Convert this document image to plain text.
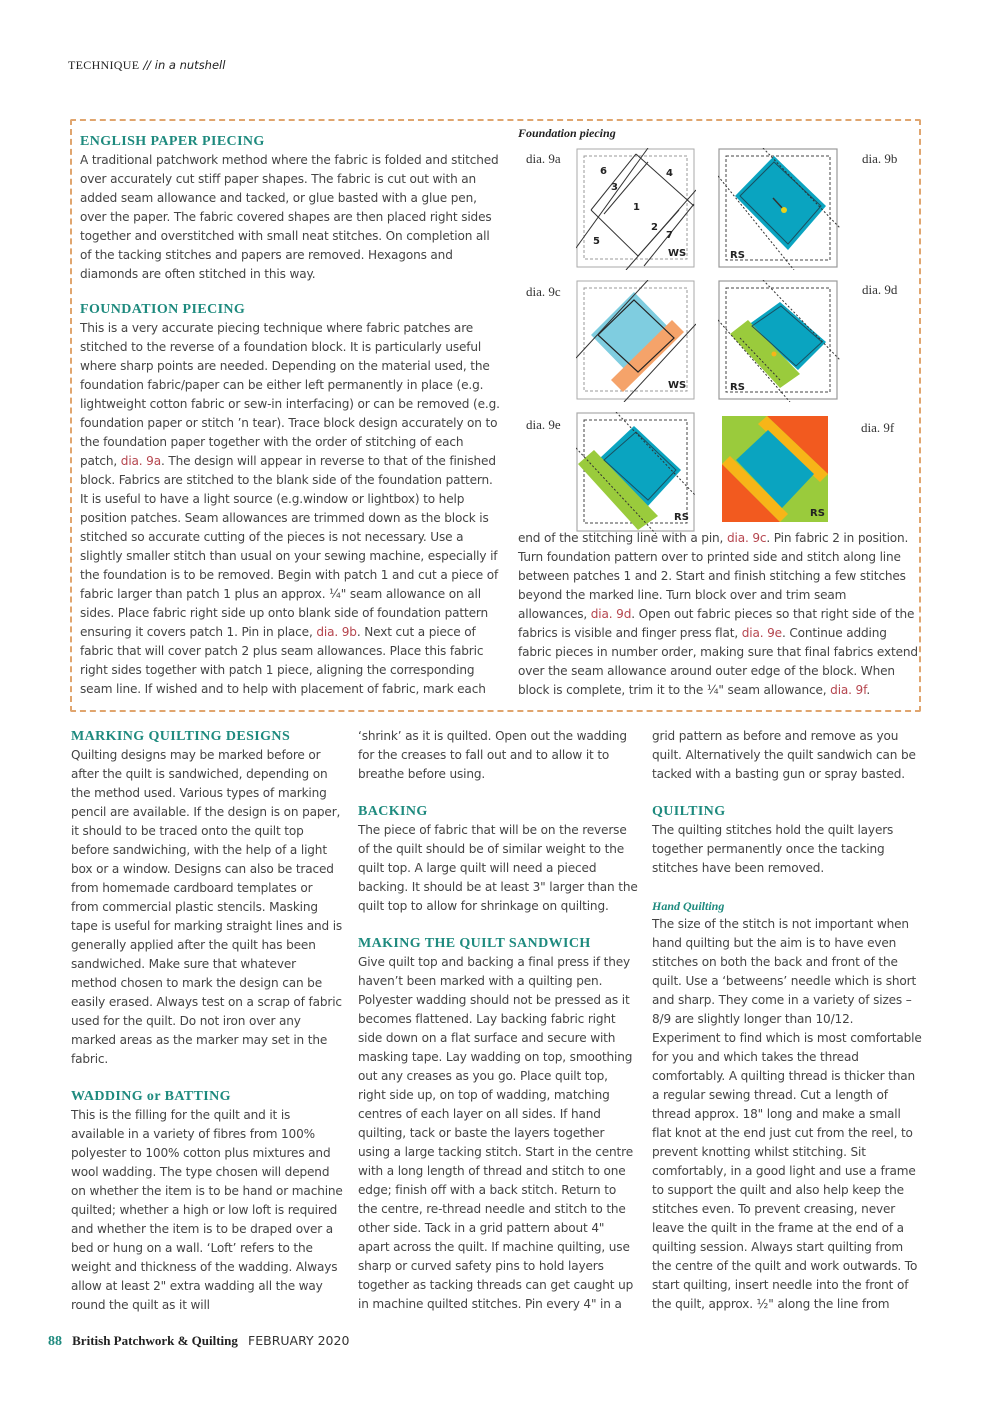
TECHNIQUE // in a nutshell
ENGLISH PAPER PIECING

A traditional patchwork method where the fabric is folded and stitched over accurately cut stiff paper shapes. The fabric is cut out with an added seam allowance and tacked, or glue basted with a glue pen, over the paper. The fabric covered shapes are then placed right sides together and overstitched with small neat stitches. On completion all of the tacking stitches and papers are removed. Hexagons and diamonds are often stitched in this way.

FOUNDATION PIECING

This is a very accurate piecing technique where fabric patches are stitched to the reverse of a foundation block. It is particularly useful where sharp points are needed. Depending on the material used, the foundation fabric/paper can be either left permanently in place (e.g. lightweight cotton fabric or sew-in interfacing) or can be removed (e.g. foundation paper or stitch ’n tear). Trace block design accurately on to the foundation paper together with the order of stitching of each patch, dia. 9a. The design will appear in reverse to that of the finished block. Fabrics are stitched to the blank side of the foundation pattern. It is useful to have a light source (e.g.window or lightbox) to help position patches. Seam allowances are trimmed down as the block is stitched so accurate cutting of the pieces is not necessary. Use a slightly smaller stitch than usual on your sewing machine, especially if the foundation is to be removed. Begin with patch 1 and cut a piece of fabric larger than patch 1 plus an approx. ¼" seam allowance on all sides. Place fabric right side up onto blank side of foundation pattern ensuring it covers patch 1. Pin in place, dia. 9b. Next cut a piece of fabric that will cover patch 2 plus seam allowances. Place this fabric right sides together with patch 1 piece, aligning the corresponding seam line. If wished and to help with placement of fabric, mark each

Foundation piecing
dia. 9a	dia. 9b
dia. 9c	dia. 9d
dia. 9e	dia. 9f
6	4
3
1
2
7
5
WS	RS
WS	RS
RS	RS

end of the stitching line with a pin, dia. 9c. Pin fabric 2 in position. Turn foundation pattern over to printed side and stitch along line between patches 1 and 2. Start and finish stitching a few stitches beyond the marked line. Turn block over and trim seam allowances, dia. 9d. Open out fabric pieces so that right side of the fabrics is visible and finger press flat, dia. 9e. Continue adding fabric pieces in number order, making sure that final fabrics extend over the seam allowance around outer edge of the block. When block is complete, trim it to the ¼" seam allowance, dia. 9f.

MARKING QUILTING DESIGNS

Quilting designs may be marked before or after the quilt is sandwiched, depending on the method used. Various types of marking pencil are available. If the design is on paper, it should to be traced onto the quilt top before sandwiching, with the help of a light box or a window. Designs can also be traced from homemade cardboard templates or from commercial plastic stencils. Masking tape is useful for marking straight lines and is generally applied after the quilt has been sandwiched. Make sure that whatever method chosen to mark the design can be easily erased. Always test on a scrap of fabric used for the quilt. Do not iron over any marked areas as the marker may set in the fabric.

WADDING or BATTING

This is the filling for the quilt and it is available in a variety of fibres from 100% polyester to 100% cotton plus mixtures and wool wadding. The type chosen will depend on whether the item is to be hand or machine quilted; whether a high or low loft is required and whether the item is to be draped over a bed or hung on a wall. ‘Loft’ refers to the weight and thickness of the wadding. Always allow at least 2" extra wadding all the way round the quilt as it will

‘shrink’ as it is quilted. Open out the wadding for the creases to fall out and to allow it to breathe before using.

BACKING

The piece of fabric that will be on the reverse of the quilt should be of similar weight to the quilt top. A large quilt will need a pieced backing. It should be at least 3" larger than the quilt top to allow for shrinkage on quilting.

MAKING THE QUILT SANDWICH

Give quilt top and backing a final press if they haven’t been marked with a quilting pen. Polyester wadding should not be pressed as it becomes flattened. Lay backing fabric right side down on a flat surface and secure with masking tape. Lay wadding on top, smoothing out any creases as you go. Place quilt top, right side up, on top of wadding, matching centres of each layer on all sides. If hand quilting, tack or baste the layers together using a large tacking stitch. Start in the centre with a long length of thread and stitch to one edge; finish off with a back stitch. Return to the centre, re-thread needle and stitch to the other side. Tack in a grid pattern about 4" apart across the quilt. If machine quilting, use sharp or curved safety pins to hold layers together as tacking threads can get caught up in machine quilted stitches. Pin every 4" in a

grid pattern as before and remove as you quilt. Alternatively the quilt sandwich can be tacked with a basting gun or spray basted.

QUILTING

The quilting stitches hold the quilt layers together permanently once the tacking stitches have been removed.

Hand Quilting

The size of the stitch is not important when hand quilting but the aim is to have even stitches on both the back and front of the quilt. Use a ‘betweens’ needle which is short and sharp. They come in a variety of sizes – 8/9 are slightly longer than 10/12. Experiment to find which is most comfortable for you and which takes the thread comfortably. A quilting thread is thicker than a regular sewing thread. Cut a length of thread approx. 18" long and make a small flat knot at the end just cut from the reel, to prevent knotting whilst stitching. Sit comfortably, in a good light and use a frame to support the quilt and also help keep the stitches even. To prevent creasing, never leave the quilt in the frame at the end of a quilting session. Always start quilting from the centre of the quilt and work outwards. To start quilting, insert needle into the front of the quilt, approx. ½" along the line from

88 British Patchwork & Quilting FEBRUARY 2020
